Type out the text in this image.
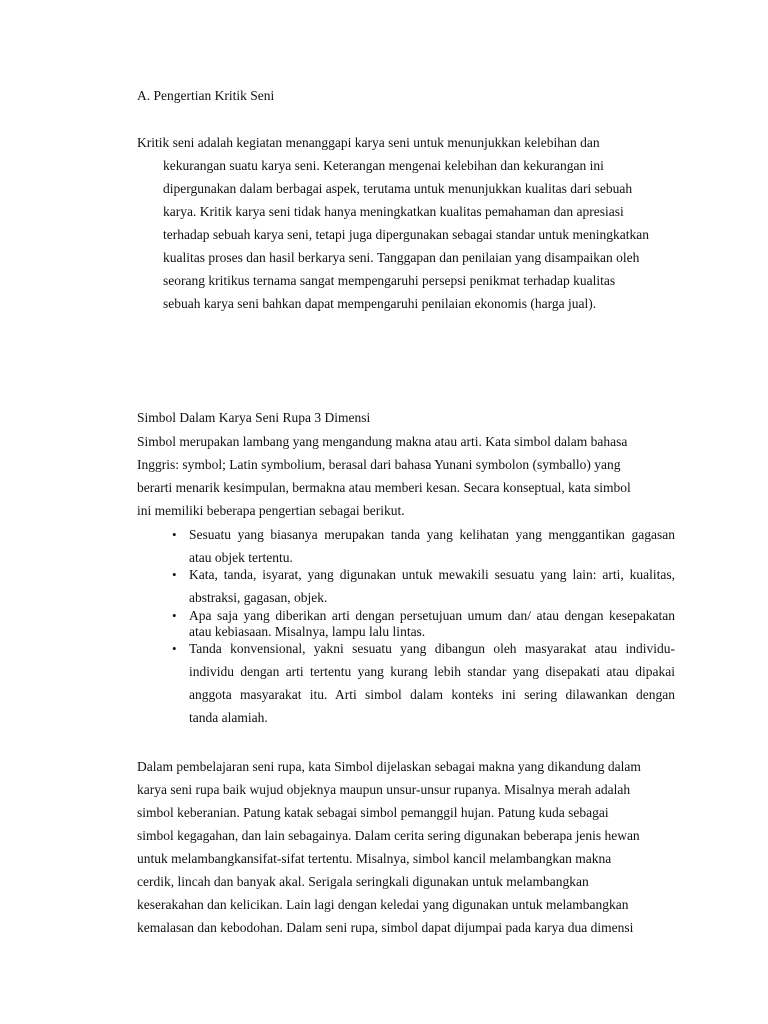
A. Pengertian Kritik Seni
Kritik seni adalah kegiatan menanggapi karya seni untuk menunjukkan kelebihan dan
kekurangan suatu karya seni. Keterangan mengenai kelebihan dan kekurangan ini
dipergunakan dalam berbagai aspek, terutama untuk menunjukkan kualitas dari sebuah
karya. Kritik karya seni tidak hanya meningkatkan kualitas pemahaman dan apresiasi
terhadap sebuah karya seni, tetapi juga dipergunakan sebagai standar untuk meningkatkan
kualitas proses dan hasil berkarya seni. Tanggapan dan penilaian yang disampaikan oleh
seorang kritikus ternama sangat mempengaruhi persepsi penikmat terhadap kualitas
sebuah karya seni bahkan dapat mempengaruhi penilaian ekonomis (harga jual).
Simbol Dalam Karya Seni Rupa 3 Dimensi
Simbol merupakan lambang yang mengandung makna atau arti. Kata simbol dalam bahasa
Inggris: symbol; Latin symbolium, berasal dari bahasa Yunani symbolon (symballo) yang
berarti menarik kesimpulan, bermakna atau memberi kesan. Secara konseptual, kata simbol
ini memiliki beberapa pengertian sebagai berikut.
• Sesuatu yang biasanya merupakan tanda yang kelihatan yang menggantikan gagasan
atau objek tertentu.
• Kata, tanda, isyarat, yang digunakan untuk mewakili sesuatu yang lain: arti, kualitas,
abstraksi, gagasan, objek.
• Apa saja yang diberikan arti dengan persetujuan umum dan/ atau dengan kesepakatan
atau kebiasaan. Misalnya, lampu lalu lintas.
• Tanda konvensional, yakni sesuatu yang dibangun oleh masyarakat atau individu-
individu dengan arti tertentu yang kurang lebih standar yang disepakati atau dipakai
anggota masyarakat itu. Arti simbol dalam konteks ini sering dilawankan dengan
tanda alamiah.
Dalam pembelajaran seni rupa, kata Simbol dijelaskan sebagai makna yang dikandung dalam
karya seni rupa baik wujud objeknya maupun unsur-unsur rupanya. Misalnya merah adalah
simbol keberanian. Patung katak sebagai simbol pemanggil hujan. Patung kuda sebagai
simbol kegagahan, dan lain sebagainya. Dalam cerita sering digunakan beberapa jenis hewan
untuk melambangkansifat-sifat tertentu. Misalnya, simbol kancil melambangkan makna
cerdik, lincah dan banyak akal. Serigala seringkali digunakan untuk melambangkan
keserakahan dan kelicikan. Lain lagi dengan keledai yang digunakan untuk melambangkan
kemalasan dan kebodohan. Dalam seni rupa, simbol dapat dijumpai pada karya dua dimensi
